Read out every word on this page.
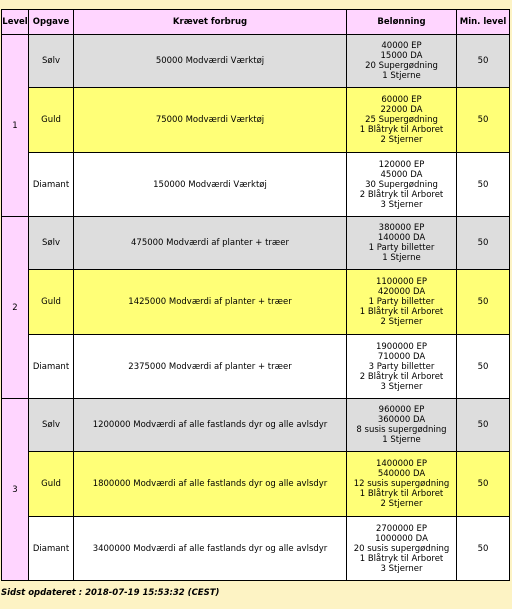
Level	Opgave	Krævet forbrug	Belønning	Min. level
1	Sølv	50000 Modværdi Værktøj	40000 EP
15000 DA
20 Supergødning
1 Stjerne	50
	Guld	75000 Modværdi Værktøj	60000 EP
22000 DA
25 Supergødning
1 Blåtryk til Arboret
2 Stjerner	50
	Diamant	150000 Modværdi Værktøj	120000 EP
45000 DA
30 Supergødning
2 Blåtryk til Arboret
3 Stjerner	50
2	Sølv	475000 Modværdi af planter + træer	380000 EP
140000 DA
1 Party billetter
1 Stjerne	50
	Guld	1425000 Modværdi af planter + træer	1100000 EP
420000 DA
1 Party billetter
1 Blåtryk til Arboret
2 Stjerner	50
	Diamant	2375000 Modværdi af planter + træer	1900000 EP
710000 DA
3 Party billetter
2 Blåtryk til Arboret
3 Stjerner	50
3	Sølv	1200000 Modværdi af alle fastlands dyr og alle avlsdyr	960000 EP
360000 DA
8 susis supergødning
1 Stjerne	50
	Guld	1800000 Modværdi af alle fastlands dyr og alle avlsdyr	1400000 EP
540000 DA
12 susis supergødning
1 Blåtryk til Arboret
2 Stjerner	50
	Diamant	3400000 Modværdi af alle fastlands dyr og alle avlsdyr	2700000 EP
1000000 DA
20 susis supergødning
1 Blåtryk til Arboret
3 Stjerner	50
Sidst opdateret : 2018-07-19 15:53:32 (CEST)
